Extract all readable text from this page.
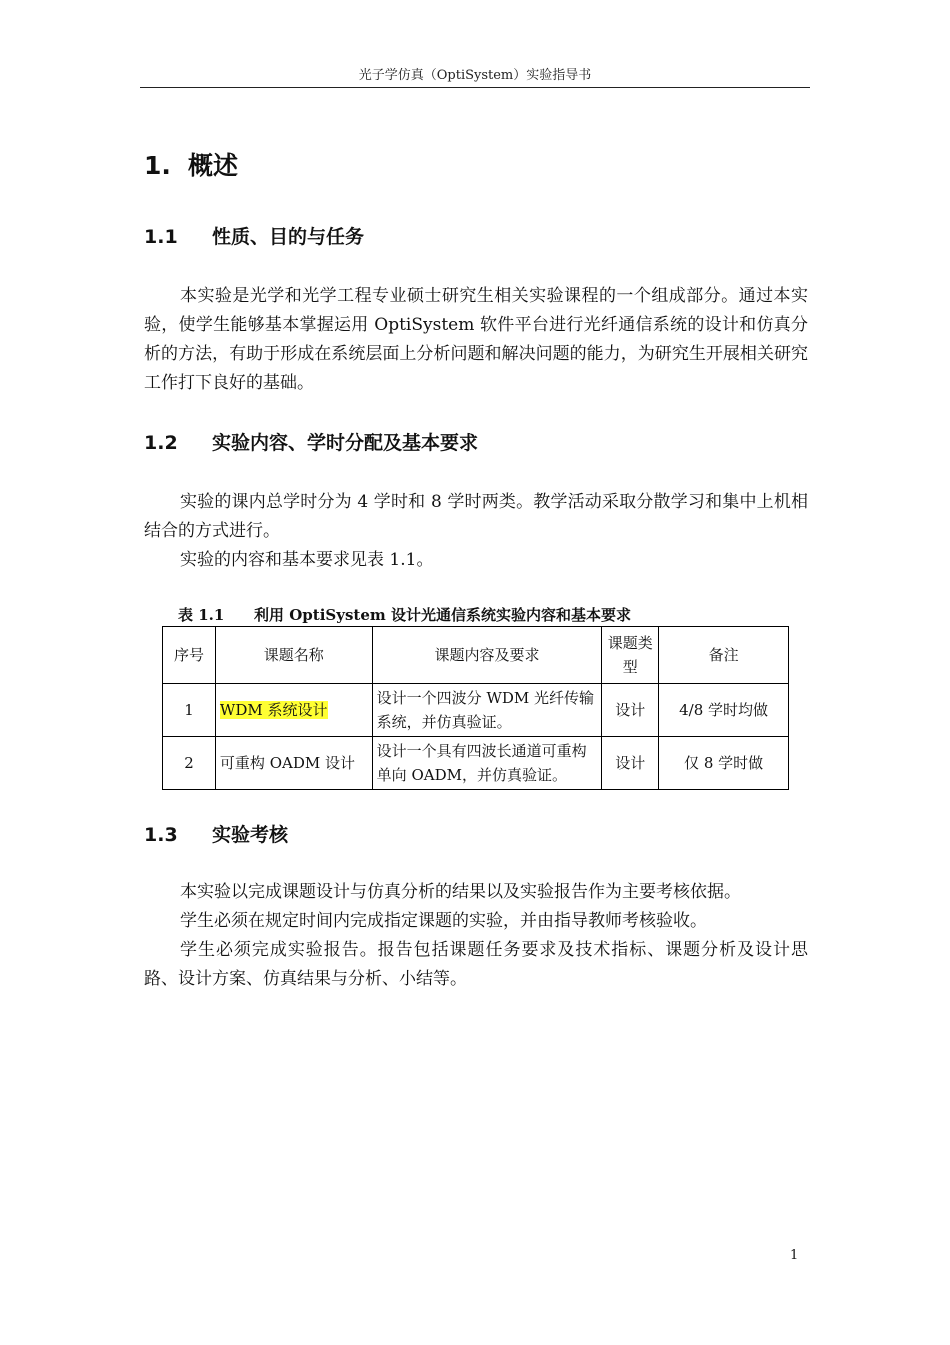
光子学仿真（OptiSystem）实验指导书
1. 概述
1.1 性质、目的与任务

本实验是光学和光学工程专业硕士研究生相关实验课程的一个组成部分。通过本实验，使学生能够基本掌握运用 OptiSystem 软件平台进行光纤通信系统的设计和仿真分析的方法，有助于形成在系统层面上分析问题和解决问题的能力，为研究生开展相关研究工作打下良好的基础。

1.2 实验内容、学时分配及基本要求

实验的课内总学时分为 4 学时和 8 学时两类。教学活动采取分散学习和集中上机相结合的方式进行。

实验的内容和基本要求见表 1.1。

表 1.1 利用 OptiSystem 设计光通信系统实验内容和基本要求
序号	课题名称	课题内容及要求	课题类型	备注
1	WDM 系统设计	设计一个四波分 WDM 光纤传输系统，并仿真验证。	设计	4/8 学时均做
2	可重构 OADM 设计	设计一个具有四波长通道可重构单向 OADM，并仿真验证。	设计	仅 8 学时做
1.3 实验考核

本实验以完成课题设计与仿真分析的结果以及实验报告作为主要考核依据。

学生必须在规定时间内完成指定课题的实验，并由指导教师考核验收。

学生必须完成实验报告。报告包括课题任务要求及技术指标、课题分析及设计思路、设计方案、仿真结果与分析、小结等。

1
